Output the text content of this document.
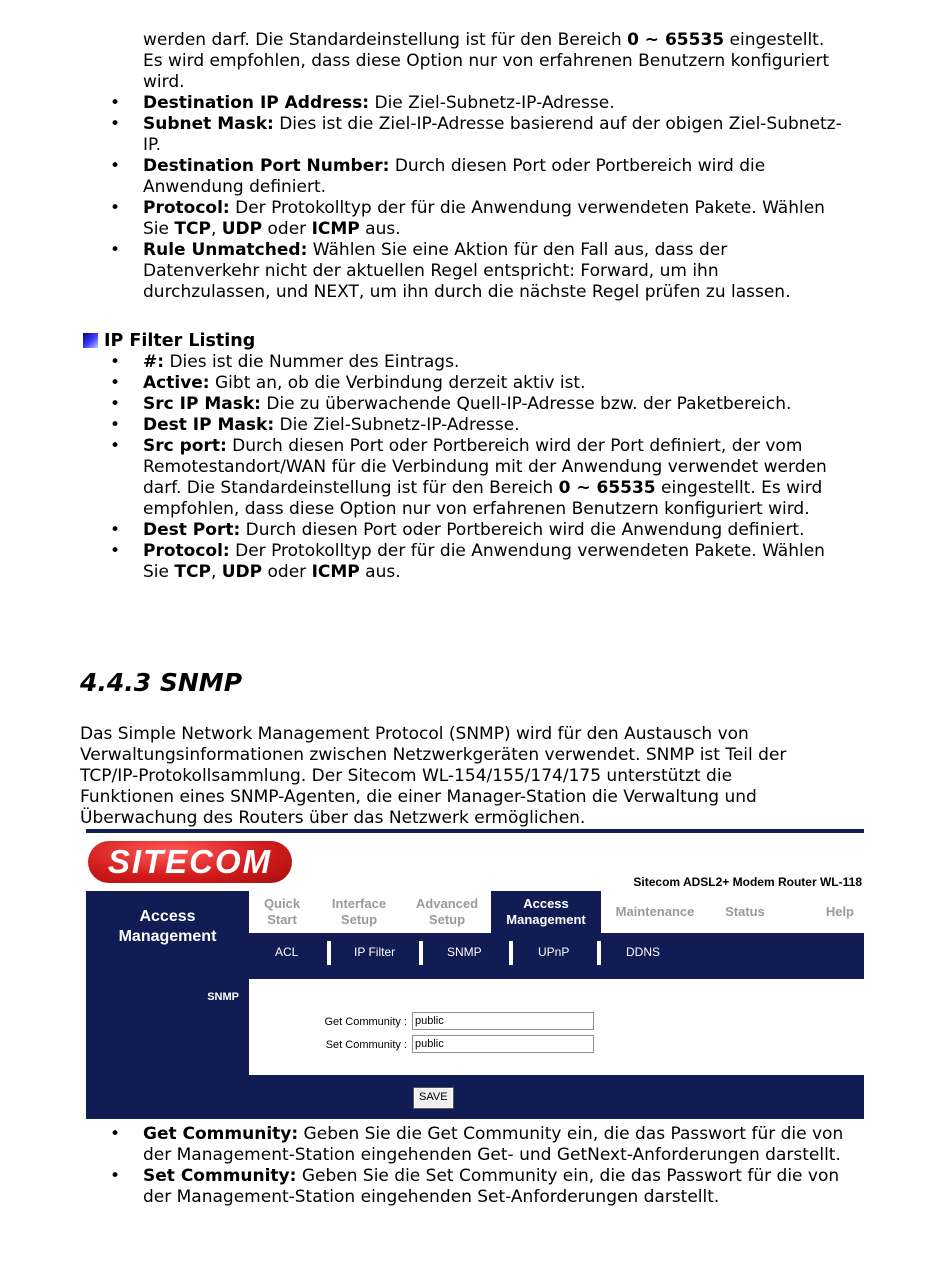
werden darf. Die Standardeinstellung ist für den Bereich 0 ~ 65535 eingestellt.
Es wird empfohlen, dass diese Option nur von erfahrenen Benutzern konfiguriert
wird.
• Destination IP Address: Die Ziel-Subnetz-IP-Adresse.
• Subnet Mask: Dies ist die Ziel-IP-Adresse basierend auf der obigen Ziel-Subnetz-
IP.
• Destination Port Number: Durch diesen Port oder Portbereich wird die
Anwendung definiert.
• Protocol: Der Protokolltyp der für die Anwendung verwendeten Pakete. Wählen
Sie TCP, UDP oder ICMP aus.
• Rule Unmatched: Wählen Sie eine Aktion für den Fall aus, dass der
Datenverkehr nicht der aktuellen Regel entspricht: Forward, um ihn
durchzulassen, und NEXT, um ihn durch die nächste Regel prüfen zu lassen.
IP Filter Listing
• #: Dies ist die Nummer des Eintrags.
• Active: Gibt an, ob die Verbindung derzeit aktiv ist.
• Src IP Mask: Die zu überwachende Quell-IP-Adresse bzw. der Paketbereich.
• Dest IP Mask: Die Ziel-Subnetz-IP-Adresse.
• Src port: Durch diesen Port oder Portbereich wird der Port definiert, der vom
Remotestandort/WAN für die Verbindung mit der Anwendung verwendet werden
darf. Die Standardeinstellung ist für den Bereich 0 ~ 65535 eingestellt. Es wird
empfohlen, dass diese Option nur von erfahrenen Benutzern konfiguriert wird.
• Dest Port: Durch diesen Port oder Portbereich wird die Anwendung definiert.
• Protocol: Der Protokolltyp der für die Anwendung verwendeten Pakete. Wählen
Sie TCP, UDP oder ICMP aus.
4.4.3 SNMP
Das Simple Network Management Protocol (SNMP) wird für den Austausch von
Verwaltungsinformationen zwischen Netzwerkgeräten verwendet. SNMP ist Teil der
TCP/IP-Protokollsammlung. Der Sitecom WL-154/155/174/175 unterstützt die
Funktionen eines SNMP-Agenten, die einer Manager-Station die Verwaltung und
Überwachung des Routers über das Netzwerk ermöglichen.
SITECOM
Sitecom ADSL2+ Modem Router WL-118
Access
Management
Quick
Start
Interface
Setup
Advanced
Setup
Access
Management
Maintenance Status	Help
ACL	IP Filter	SNMP	UPnP	DDNS
SNMP
Get Community :
public
Set Community :
public
SAVE
• Get Community: Geben Sie die Get Community ein, die das Passwort für die von
der Management-Station eingehenden Get- und GetNext-Anforderungen darstellt.
• Set Community: Geben Sie die Set Community ein, die das Passwort für die von
der Management-Station eingehenden Set-Anforderungen darstellt.
